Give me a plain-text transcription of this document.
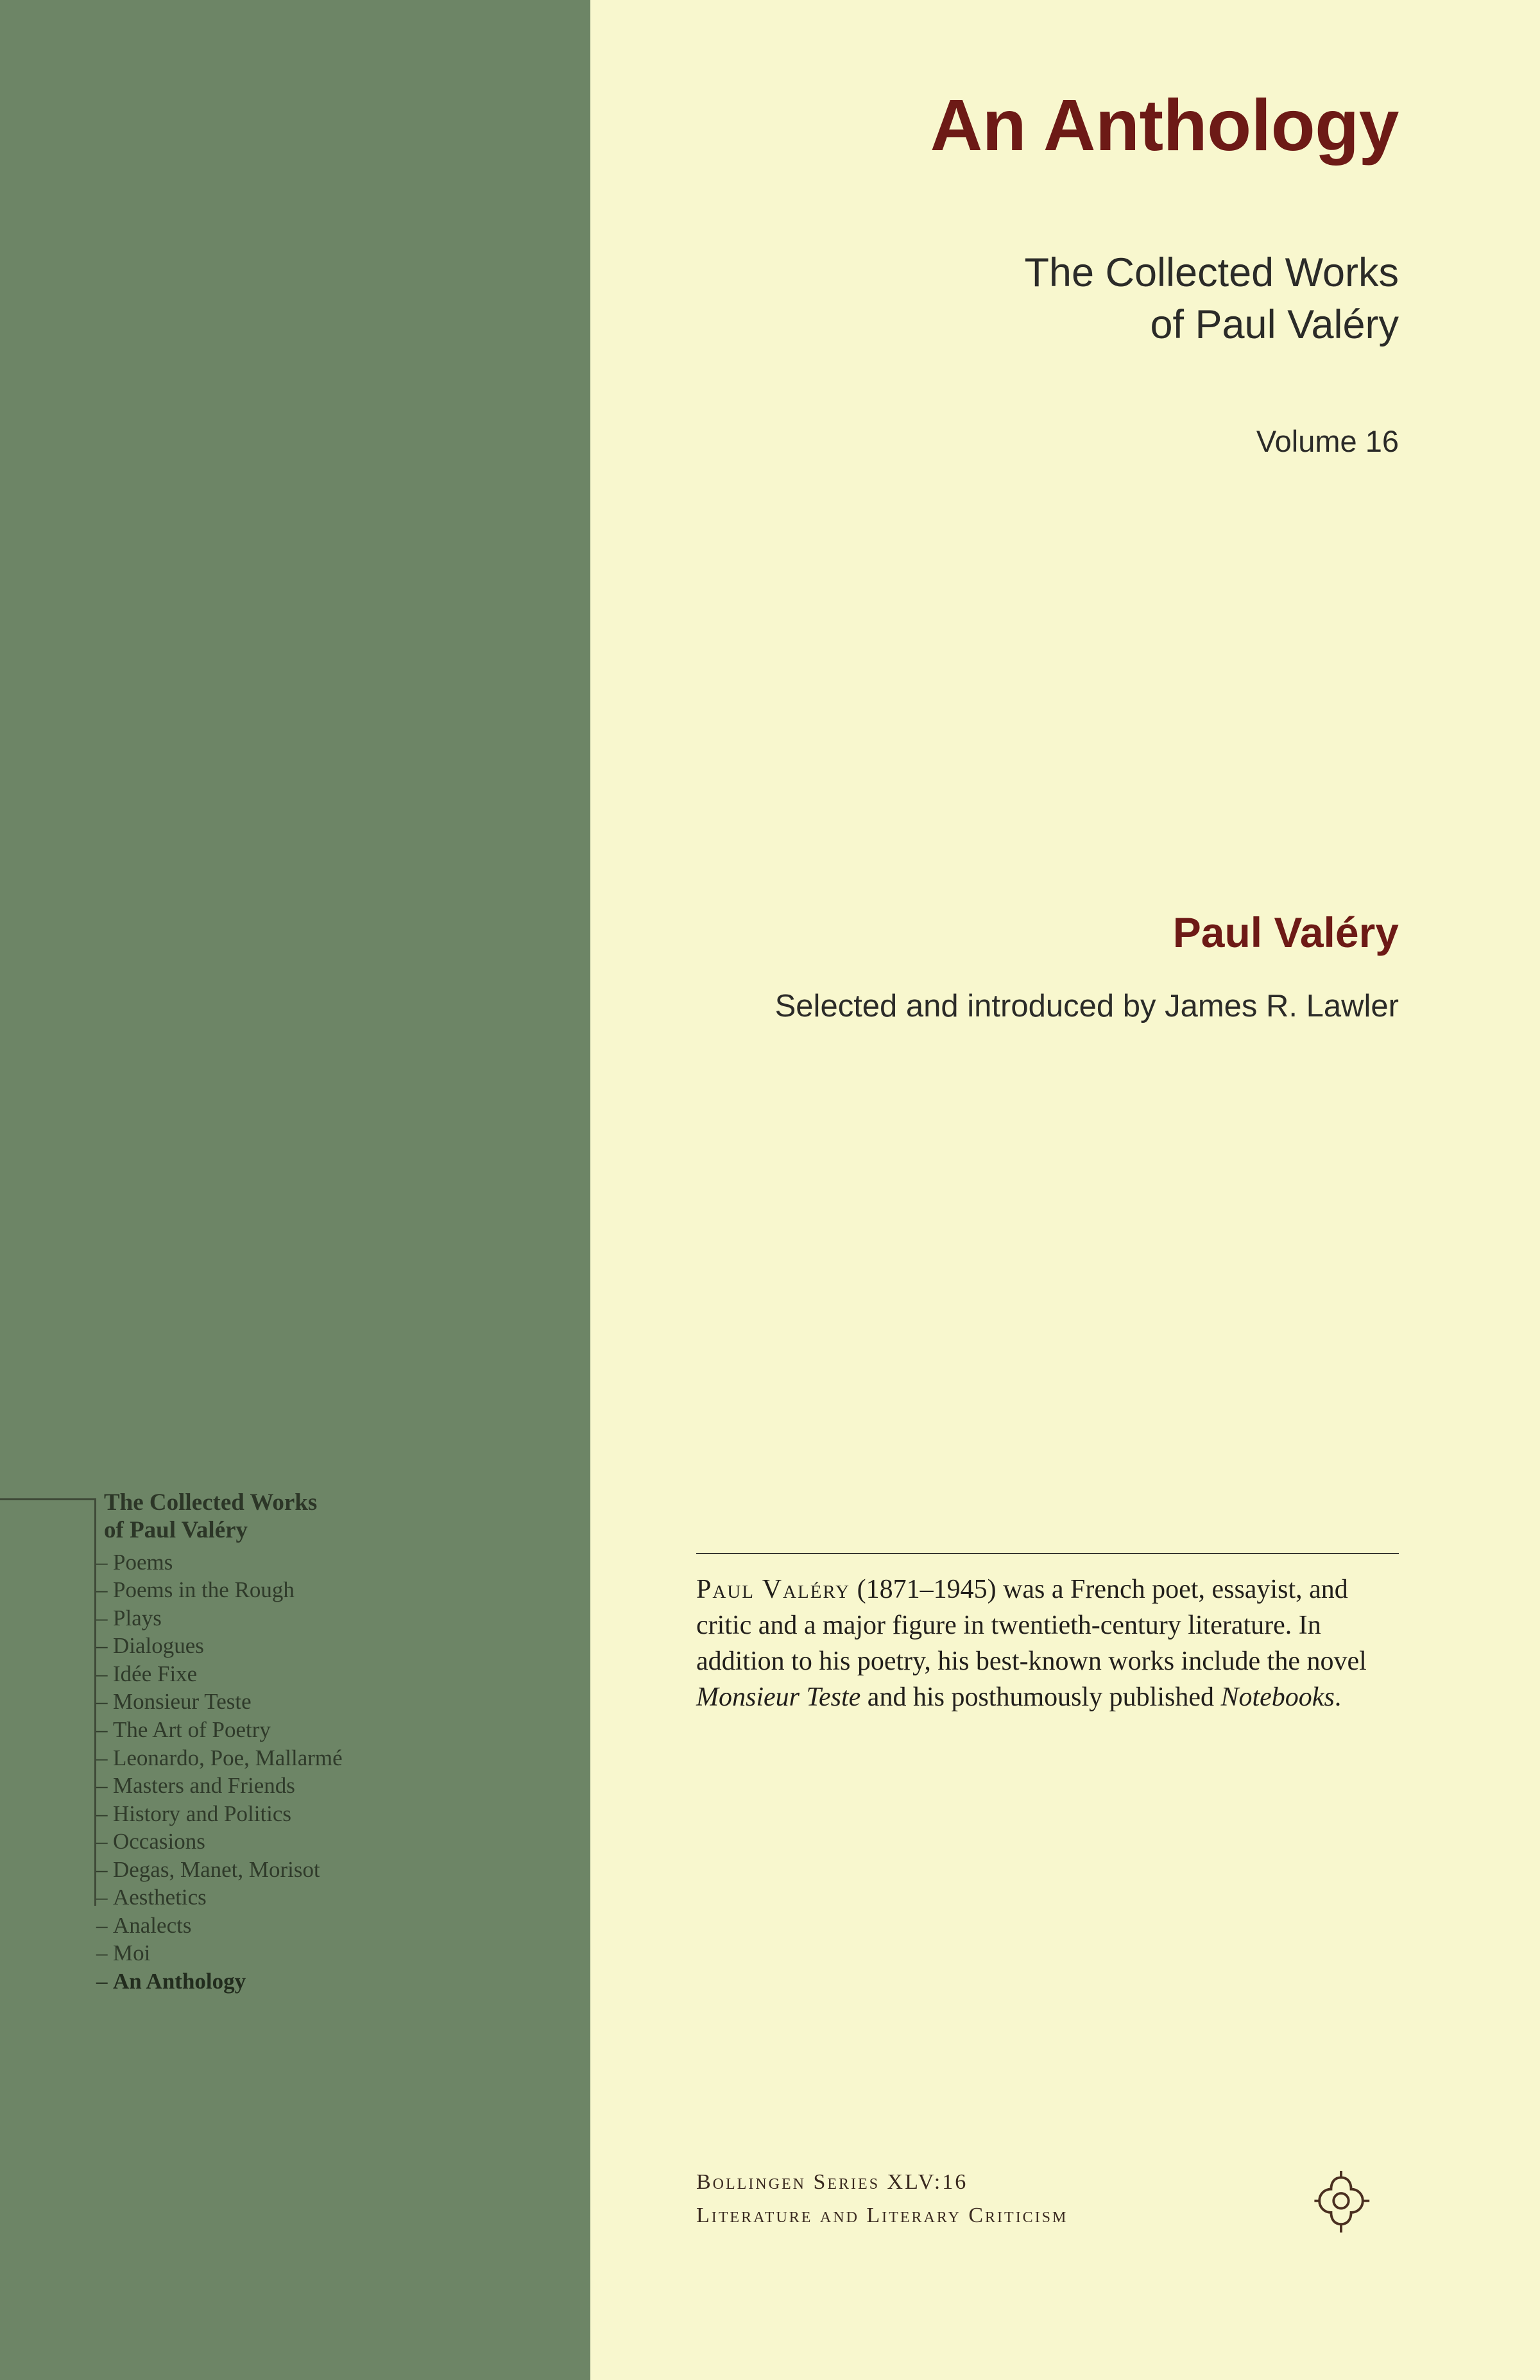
The Collected Works
of Paul Valéry
– Poems
– Poems in the Rough
– Plays
– Dialogues
– Idée Fixe
– Monsieur Teste
– The Art of Poetry
– Leonardo, Poe, Mallarmé
– Masters and Friends
– History and Politics
– Occasions
– Degas, Manet, Morisot
– Aesthetics
– Analects
– Moi
– An Anthology
An Anthology
The Collected Works
of Paul Valéry
Volume 16
Paul Valéry
Selected and introduced by James R. Lawler
Paul Valéry (1871–1945) was a French poet, essayist, and critic and a major figure in twentieth-century literature. In addition to his poetry, his best-known works include the novel Monsieur Teste and his posthumously published Notebooks.
Bollingen Series XLV:16
Literature and Literary Criticism
